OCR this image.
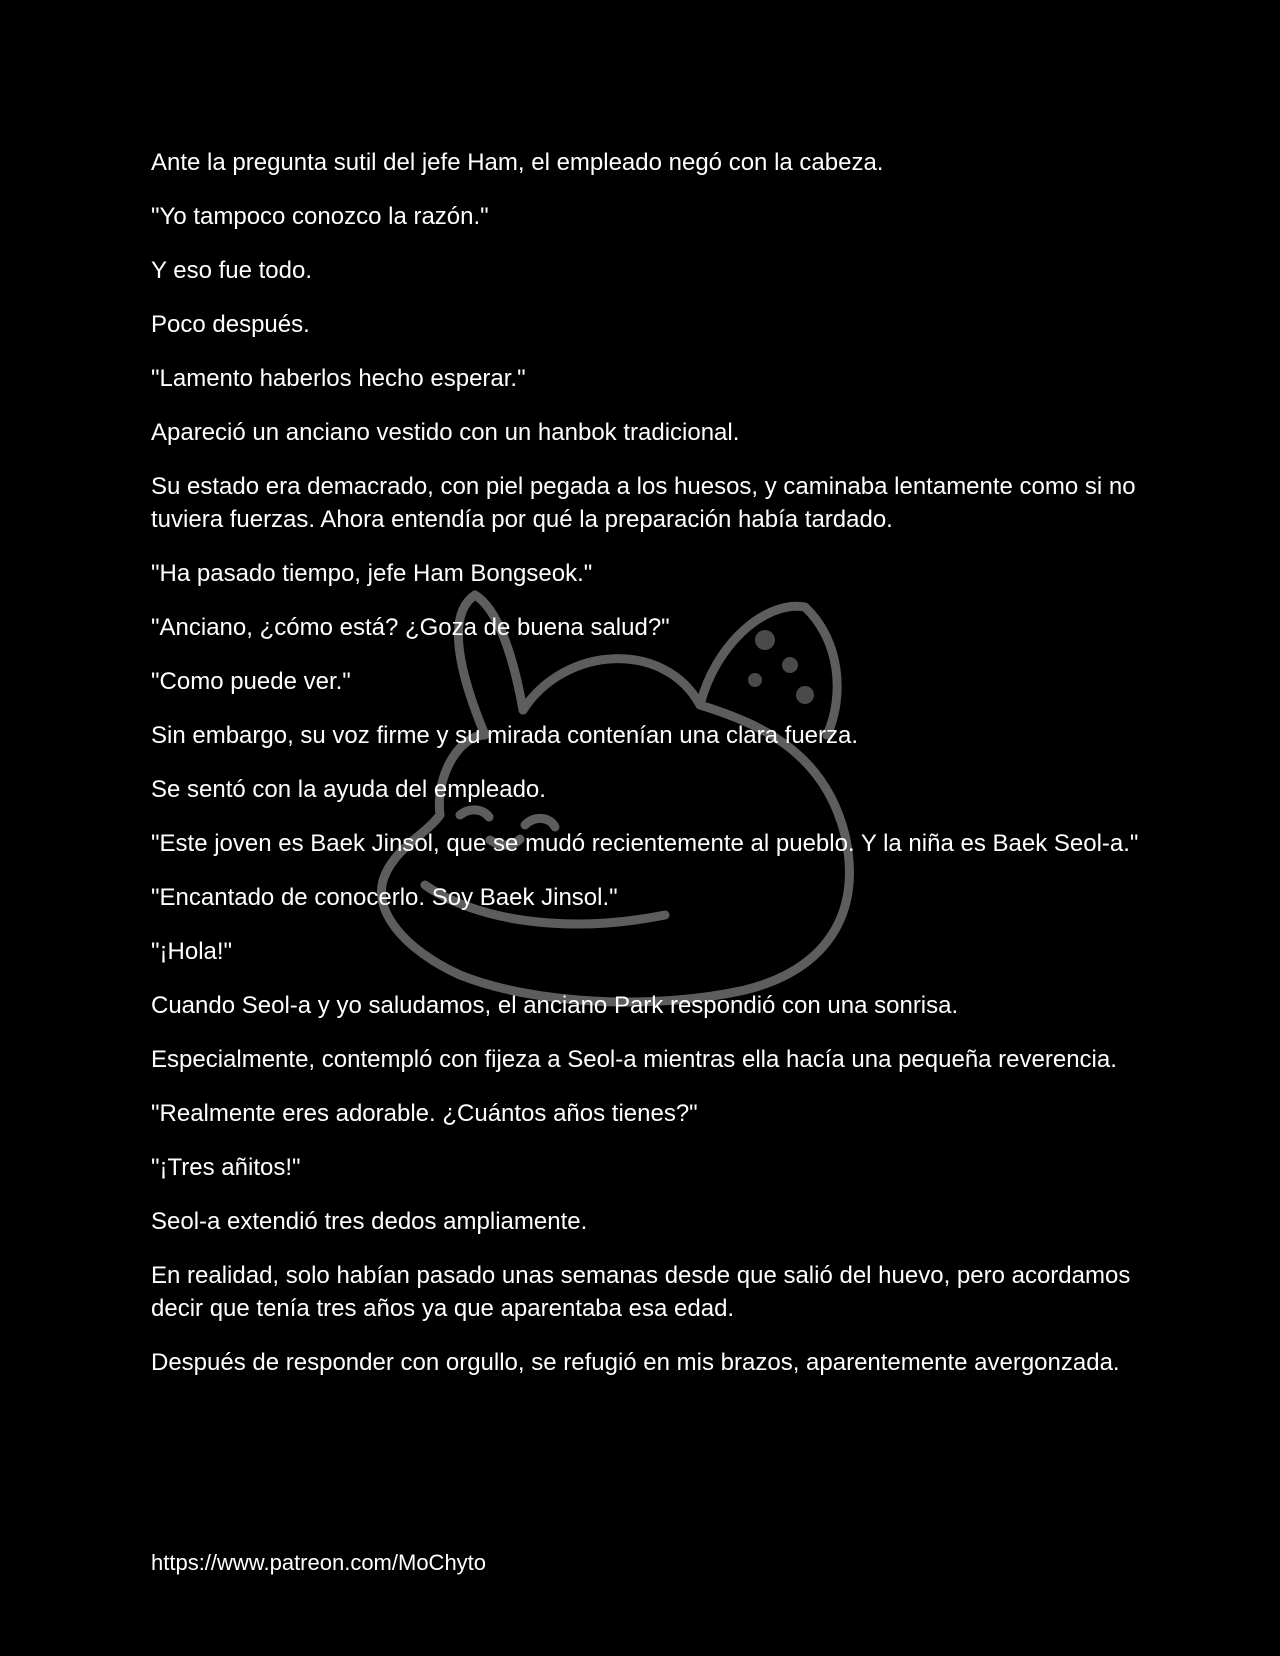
Ante la pregunta sutil del jefe Ham, el empleado negó con la cabeza.

"Yo tampoco conozco la razón."

Y eso fue todo.

Poco después.

"Lamento haberlos hecho esperar."

Apareció un anciano vestido con un hanbok tradicional.

Su estado era demacrado, con piel pegada a los huesos, y caminaba lentamente como si no tuviera fuerzas. Ahora entendía por qué la preparación había tardado.

"Ha pasado tiempo, jefe Ham Bongseok."

"Anciano, ¿cómo está? ¿Goza de buena salud?"

"Como puede ver."

Sin embargo, su voz firme y su mirada contenían una clara fuerza.

Se sentó con la ayuda del empleado.

"Este joven es Baek Jinsol, que se mudó recientemente al pueblo. Y la niña es Baek Seol-a."

"Encantado de conocerlo. Soy Baek Jinsol."

"¡Hola!"

Cuando Seol-a y yo saludamos, el anciano Park respondió con una sonrisa.

Especialmente, contempló con fijeza a Seol-a mientras ella hacía una pequeña reverencia.

"Realmente eres adorable. ¿Cuántos años tienes?"

"¡Tres añitos!"

Seol-a extendió tres dedos ampliamente.

En realidad, solo habían pasado unas semanas desde que salió del huevo, pero acordamos decir que tenía tres años ya que aparentaba esa edad.

Después de responder con orgullo, se refugió en mis brazos, aparentemente avergonzada.

https://www.patreon.com/MoChyto
